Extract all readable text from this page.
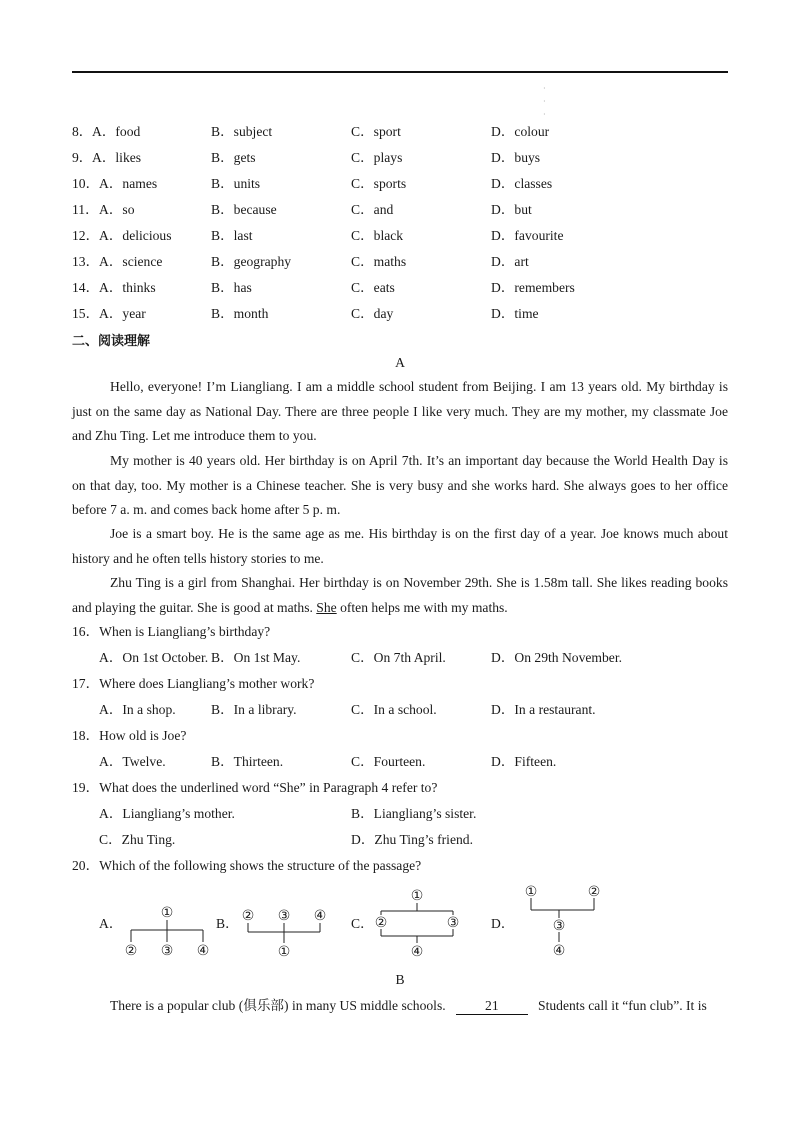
·
·
·
8． A．food	B．subject	C．sport	D．colour
9． A．likes	B．gets	C．plays	D．buys
10． A．names	B．units	C．sports	D．classes
11． A．so	B．because	C．and	D．but
12． A．delicious	B．last	C．black	D．favourite
13． A．science	B．geography	C．maths	D．art
14． A．thinks	B．has	C．eats	D．remembers
15． A．year	B．month	C．day	D．time
二、阅读理解
A
Hello, everyone! I’m Liangliang. I am a middle school student from Beijing. I am 13 years old. My birthday is just on the same day as National Day. There are three people I like very much. They are my mother, my classmate Joe and Zhu Ting. Let me introduce them to you.
My mother is 40 years old. Her birthday is on April 7th. It’s an important day because the World Health Day is on that day, too. My mother is a Chinese teacher. She is very busy and she works hard. She always goes to her office before 7 a. m. and comes back home after 5 p. m.
Joe is a smart boy. He is the same age as me. His birthday is on the first day of a year. Joe knows much about history and he often tells history stories to me.
Zhu Ting is a girl from Shanghai. Her birthday is on November 29th. She is 1.58m tall. She likes reading books and playing the guitar. She is good at maths. She often helps me with my maths.
16．When is Liangliang’s birthday?
A．On 1st October. B．On 1st May.	C．On 7th April.	D．On 29th November.
17．Where does Liangliang’s mother work?
A．In a shop.	B．In a library.	C．In a school.	D．In a restaurant.
18．How old is Joe?
A．Twelve.	B．Thirteen.	C．Fourteen.	D．Fifteen.
19．What does the underlined word “She” in Paragraph 4 refer to?
A．Liangliang’s mother.	B．Liangliang’s sister.
C．Zhu Ting.	D．Zhu Ting’s friend.
20．Which of the following shows the structure of the passage?
A．	B．	C．	D．
①
② ③ ④
② ③ ④
①
①
②	③
④
①	②
③
④
B
There is a popular club (俱乐部) in many US middle schools.	21	Students call it “fun club”. It is
